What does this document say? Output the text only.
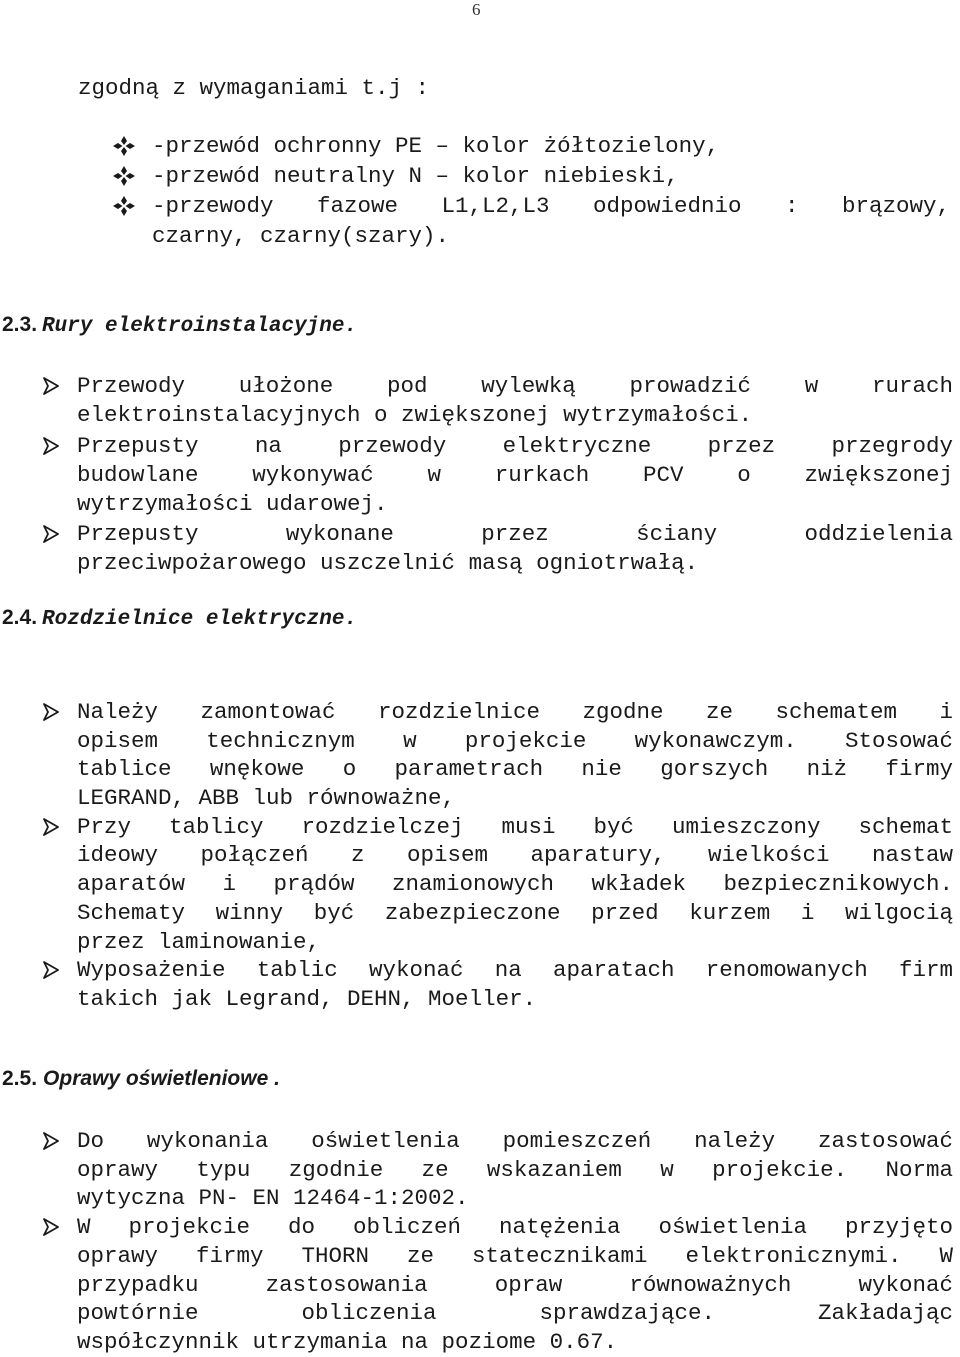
6
zgodną z wymaganiami t.j :
-przewód ochronny PE – kolor żółtozielony,
-przewód neutralny N – kolor niebieski,
-przewody fazowe L1,L2,L3 odpowiednio : brązowy,
czarny, czarny(szary).
2.3. Rury elektroinstalacyjne.
Przewody ułożone pod wylewką prowadzić w rurach
elektroinstalacyjnych o zwiększonej wytrzymałości.
Przepusty na przewody elektryczne przez przegrody
budowlane wykonywać w rurkach PCV o zwiększonej
wytrzymałości udarowej.
Przepusty wykonane przez ściany oddzielenia
przeciwpożarowego uszczelnić masą ogniotrwałą.
2.4. Rozdzielnice elektryczne.
Należy zamontować rozdzielnice zgodne ze schematem i
opisem technicznym w projekcie wykonawczym. Stosować
tablice wnękowe o parametrach nie gorszych niż firmy
LEGRAND, ABB lub równoważne,
Przy tablicy rozdzielczej musi być umieszczony schemat
ideowy połączeń z opisem aparatury, wielkości nastaw
aparatów i prądów znamionowych wkładek bezpiecznikowych.
Schematy winny być zabezpieczone przed kurzem i wilgocią
przez laminowanie,
Wyposażenie tablic wykonać na aparatach renomowanych firm
takich jak Legrand, DEHN, Moeller.
2.5. Oprawy oświetleniowe .
Do wykonania oświetlenia pomieszczeń należy zastosować
oprawy typu zgodnie ze wskazaniem w projekcie. Norma
wytyczna PN- EN 12464-1:2002.
W projekcie do obliczeń natężenia oświetlenia przyjęto
oprawy firmy THORN ze statecznikami elektronicznymi. W
przypadku zastosowania opraw równoważnych wykonać
powtórnie obliczenia sprawdzające. Zakładając
współczynnik utrzymania na poziome 0.67.
